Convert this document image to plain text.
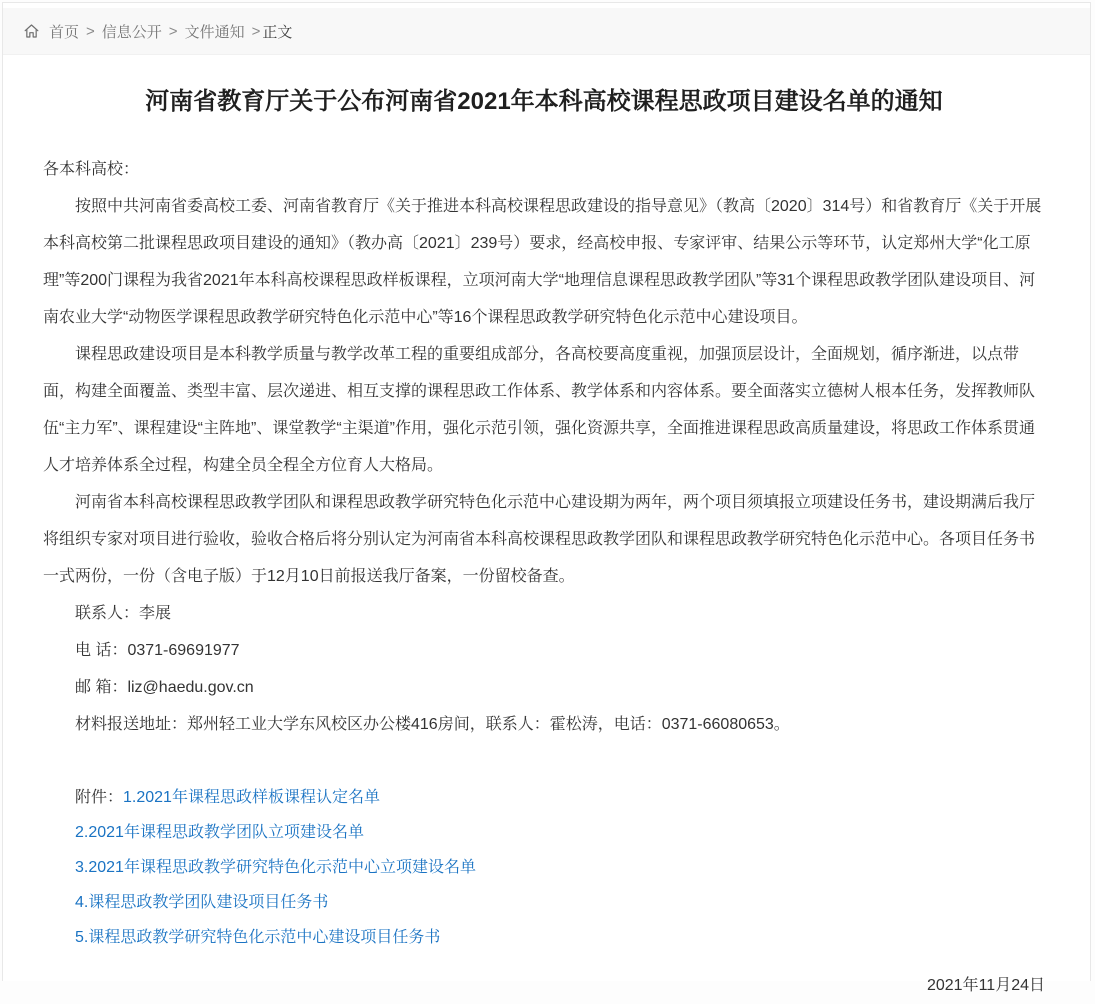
首页 > 信息公开 > 文件通知 > 正文
河南省教育厅关于公布河南省2021年本科高校课程思政项目建设名单的通知
各本科高校：
按照中共河南省委高校工委、河南省教育厅《关于推进本科高校课程思政建设的指导意见》（教高〔2020〕314号）和省教育厅《关于开展本科高校第二批课程思政项目建设的通知》（教办高〔2021〕239号）要求，经高校申报、专家评审、结果公示等环节，认定郑州大学“化工原理”等200门课程为我省2021年本科高校课程思政样板课程，立项河南大学“地理信息课程思政教学团队”等31个课程思政教学团队建设项目、河南农业大学“动物医学课程思政教学研究特色化示范中心”等16个课程思政教学研究特色化示范中心建设项目。
课程思政建设项目是本科教学质量与教学改革工程的重要组成部分，各高校要高度重视，加强顶层设计，全面规划，循序渐进，以点带面，构建全面覆盖、类型丰富、层次递进、相互支撑的课程思政工作体系、教学体系和内容体系。要全面落实立德树人根本任务，发挥教师队伍“主力军”、课程建设“主阵地”、课堂教学“主渠道”作用，强化示范引领，强化资源共享，全面推进课程思政高质量建设，将思政工作体系贯通人才培养体系全过程，构建全员全程全方位育人大格局。
河南省本科高校课程思政教学团队和课程思政教学研究特色化示范中心建设期为两年，两个项目须填报立项建设任务书，建设期满后我厅将组织专家对项目进行验收，验收合格后将分别认定为河南省本科高校课程思政教学团队和课程思政教学研究特色化示范中心。各项目任务书一式两份，一份（含电子版）于12月10日前报送我厅备案，一份留校备查。
联系人：李展
电 话：0371-69691977
邮 箱：liz@haedu.gov.cn
材料报送地址：郑州轻工业大学东风校区办公楼416房间，联系人：霍松涛，电话：0371-66080653。
附件：1.2021年课程思政样板课程认定名单
2.2021年课程思政教学团队立项建设名单
3.2021年课程思政教学研究特色化示范中心立项建设名单
4.课程思政教学团队建设项目任务书
5.课程思政教学研究特色化示范中心建设项目任务书
2021年11月24日
